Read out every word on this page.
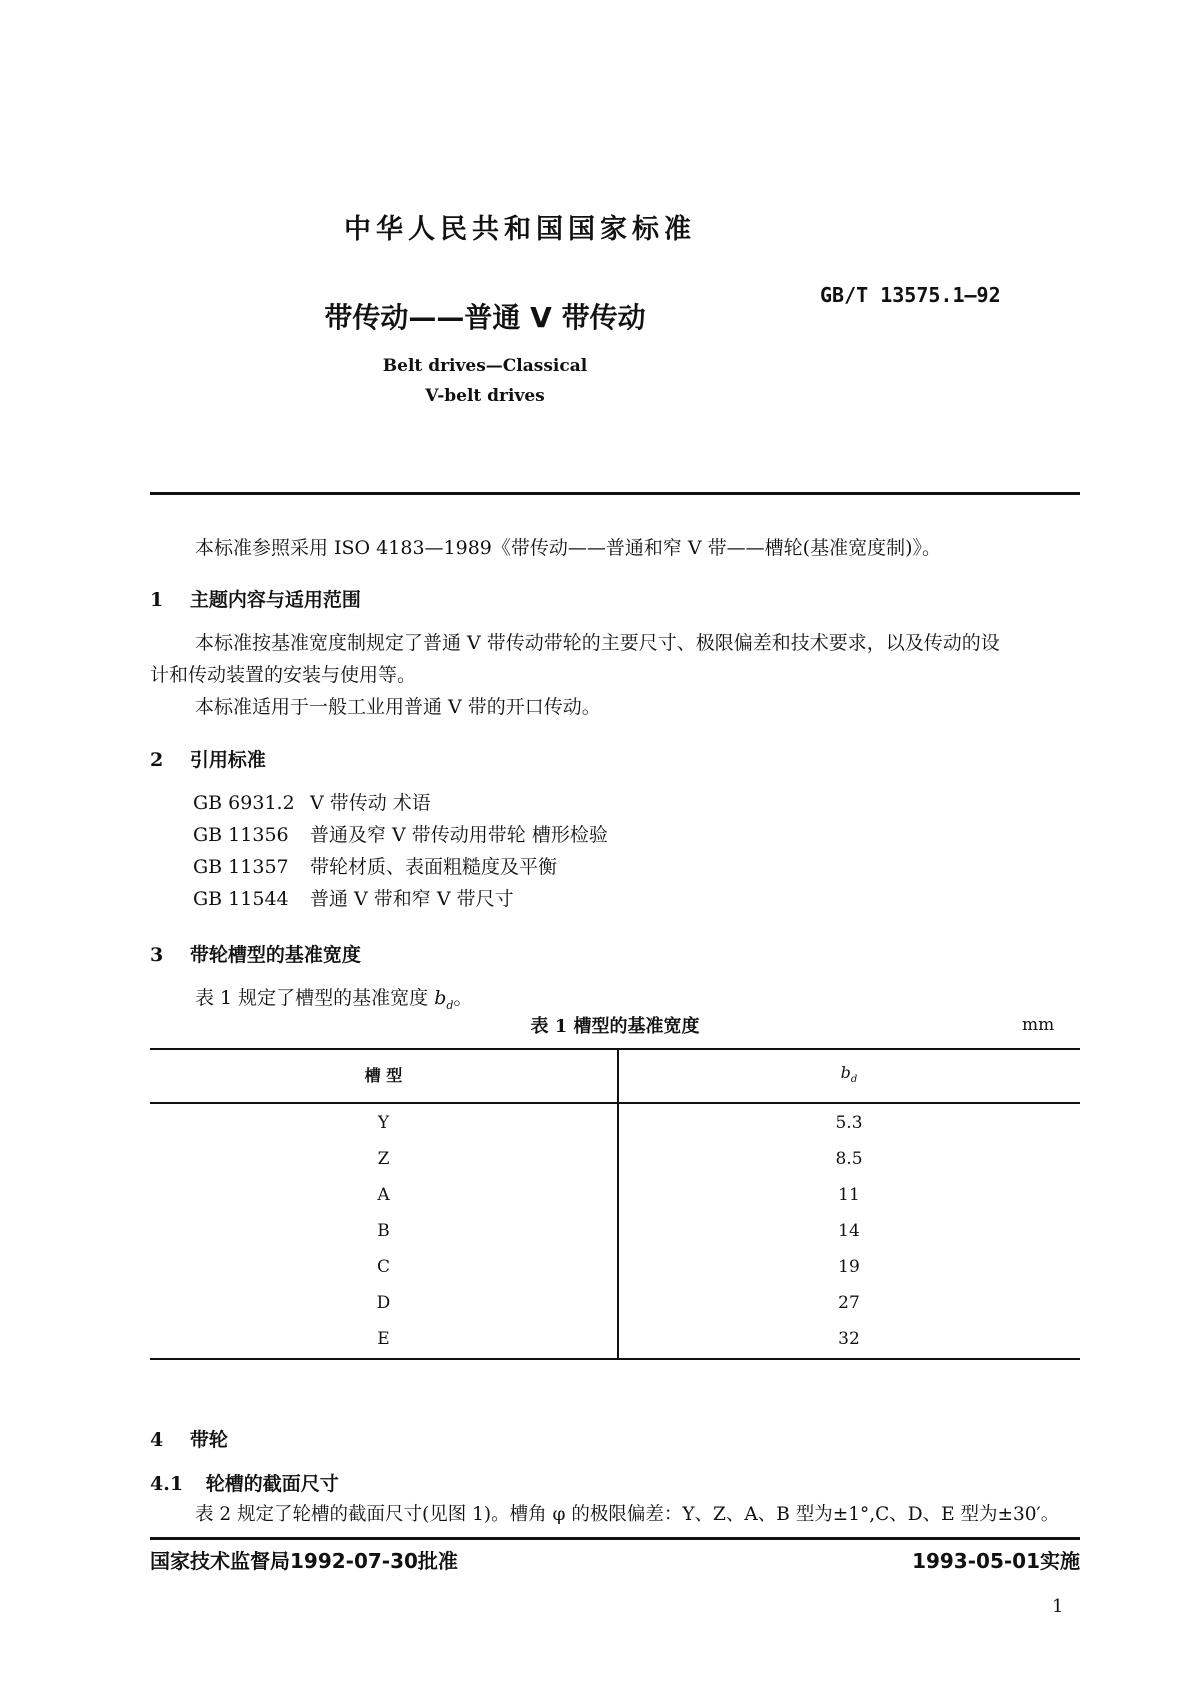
中华人民共和国国家标准
GB/T 13575.1—92
带传动——普通 V 带传动
Belt drives—Classical
V-belt drives
本标准参照采用 ISO 4183—1989《带传动——普通和窄 V 带——槽轮(基准宽度制)》。
1 主题内容与适用范围
本标准按基准宽度制规定了普通 V 带传动带轮的主要尺寸、极限偏差和技术要求，以及传动的设
计和传动装置的安装与使用等。
本标准适用于一般工业用普通 V 带的开口传动。
2 引用标准
GB 6931.2 V 带传动 术语
GB 11356 普通及窄 V 带传动用带轮 槽形检验
GB 11357 带轮材质、表面粗糙度及平衡
GB 11544 普通 V 带和窄 V 带尺寸
3 带轮槽型的基准宽度
表 1 规定了槽型的基准宽度 $b_d$。
表 1 槽型的基准宽度	mm
槽 型	$b_d$
Y	5.3
Z	8.5
A	11
B	14
C	19
D	27
E	32
4 带轮
4.1 轮槽的截面尺寸
表 2 规定了轮槽的截面尺寸(见图 1)。槽角 φ 的极限偏差：Y、Z、A、B 型为±1°,C、D、E 型为±30′。
国家技术监督局1992-07-30批准	1993-05-01实施
1
